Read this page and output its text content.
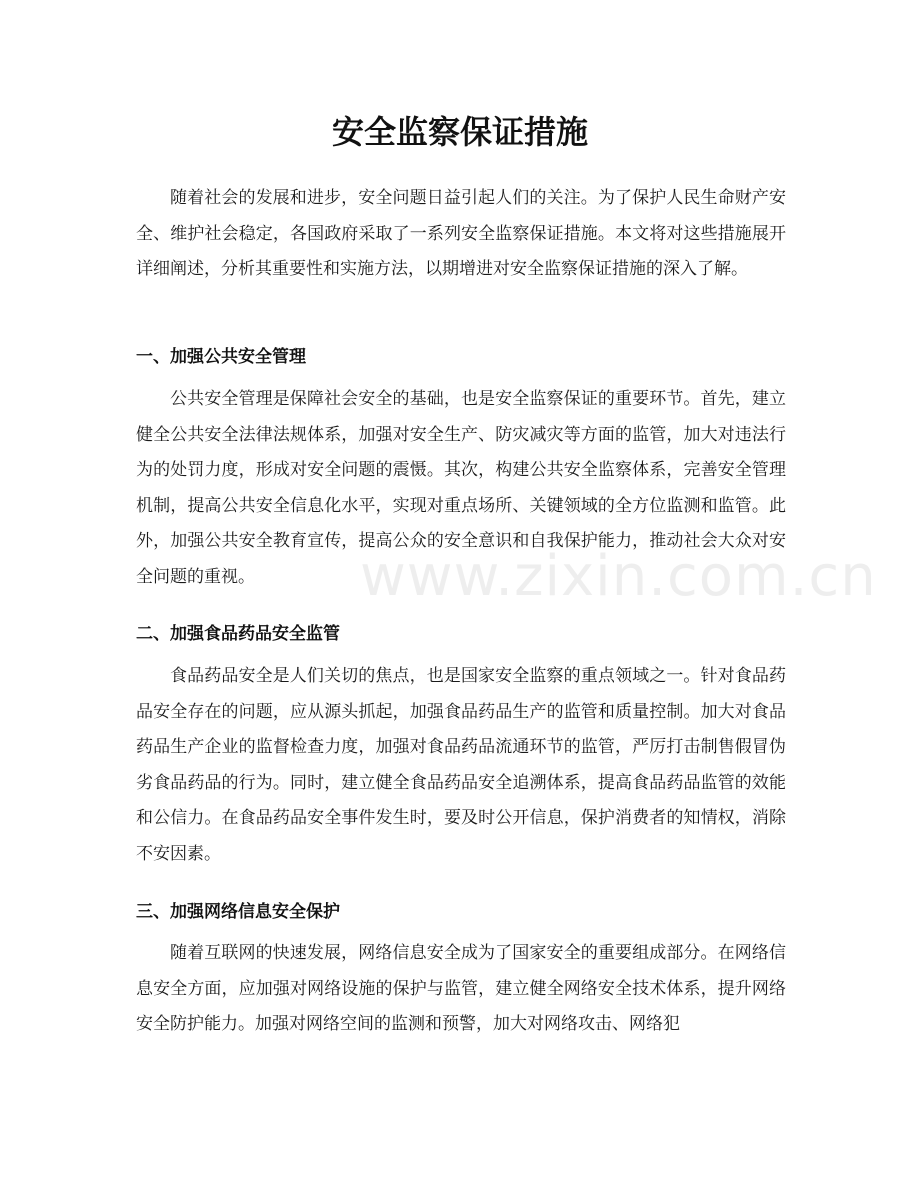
安全监察保证措施

随着社会的发展和进步，安全问题日益引起人们的关注。为了保护人民生命财产安全、维护社会稳定，各国政府采取了一系列安全监察保证措施。本文将对这些措施展开详细阐述，分析其重要性和实施方法，以期增进对安全监察保证措施的深入了解。

一、加强公共安全管理

公共安全管理是保障社会安全的基础，也是安全监察保证的重要环节。首先，建立健全公共安全法律法规体系，加强对安全生产、防灾减灾等方面的监管，加大对违法行为的处罚力度，形成对安全问题的震慑。其次，构建公共安全监察体系，完善安全管理机制，提高公共安全信息化水平，实现对重点场所、关键领域的全方位监测和监管。此外，加强公共安全教育宣传，提高公众的安全意识和自我保护能力，推动社会大众对安全问题的重视。

二、加强食品药品安全监管

食品药品安全是人们关切的焦点，也是国家安全监察的重点领域之一。针对食品药品安全存在的问题，应从源头抓起，加强食品药品生产的监管和质量控制。加大对食品药品生产企业的监督检查力度，加强对食品药品流通环节的监管，严厉打击制售假冒伪劣食品药品的行为。同时，建立健全食品药品安全追溯体系，提高食品药品监管的效能和公信力。在食品药品安全事件发生时，要及时公开信息，保护消费者的知情权，消除不安因素。

三、加强网络信息安全保护

随着互联网的快速发展，网络信息安全成为了国家安全的重要组成部分。在网络信息安全方面，应加强对网络设施的保护与监管，建立健全网络安全技术体系，提升网络安全防护能力。加强对网络空间的监测和预警，加大对网络攻击、网络犯

www.zixin.com.cn
